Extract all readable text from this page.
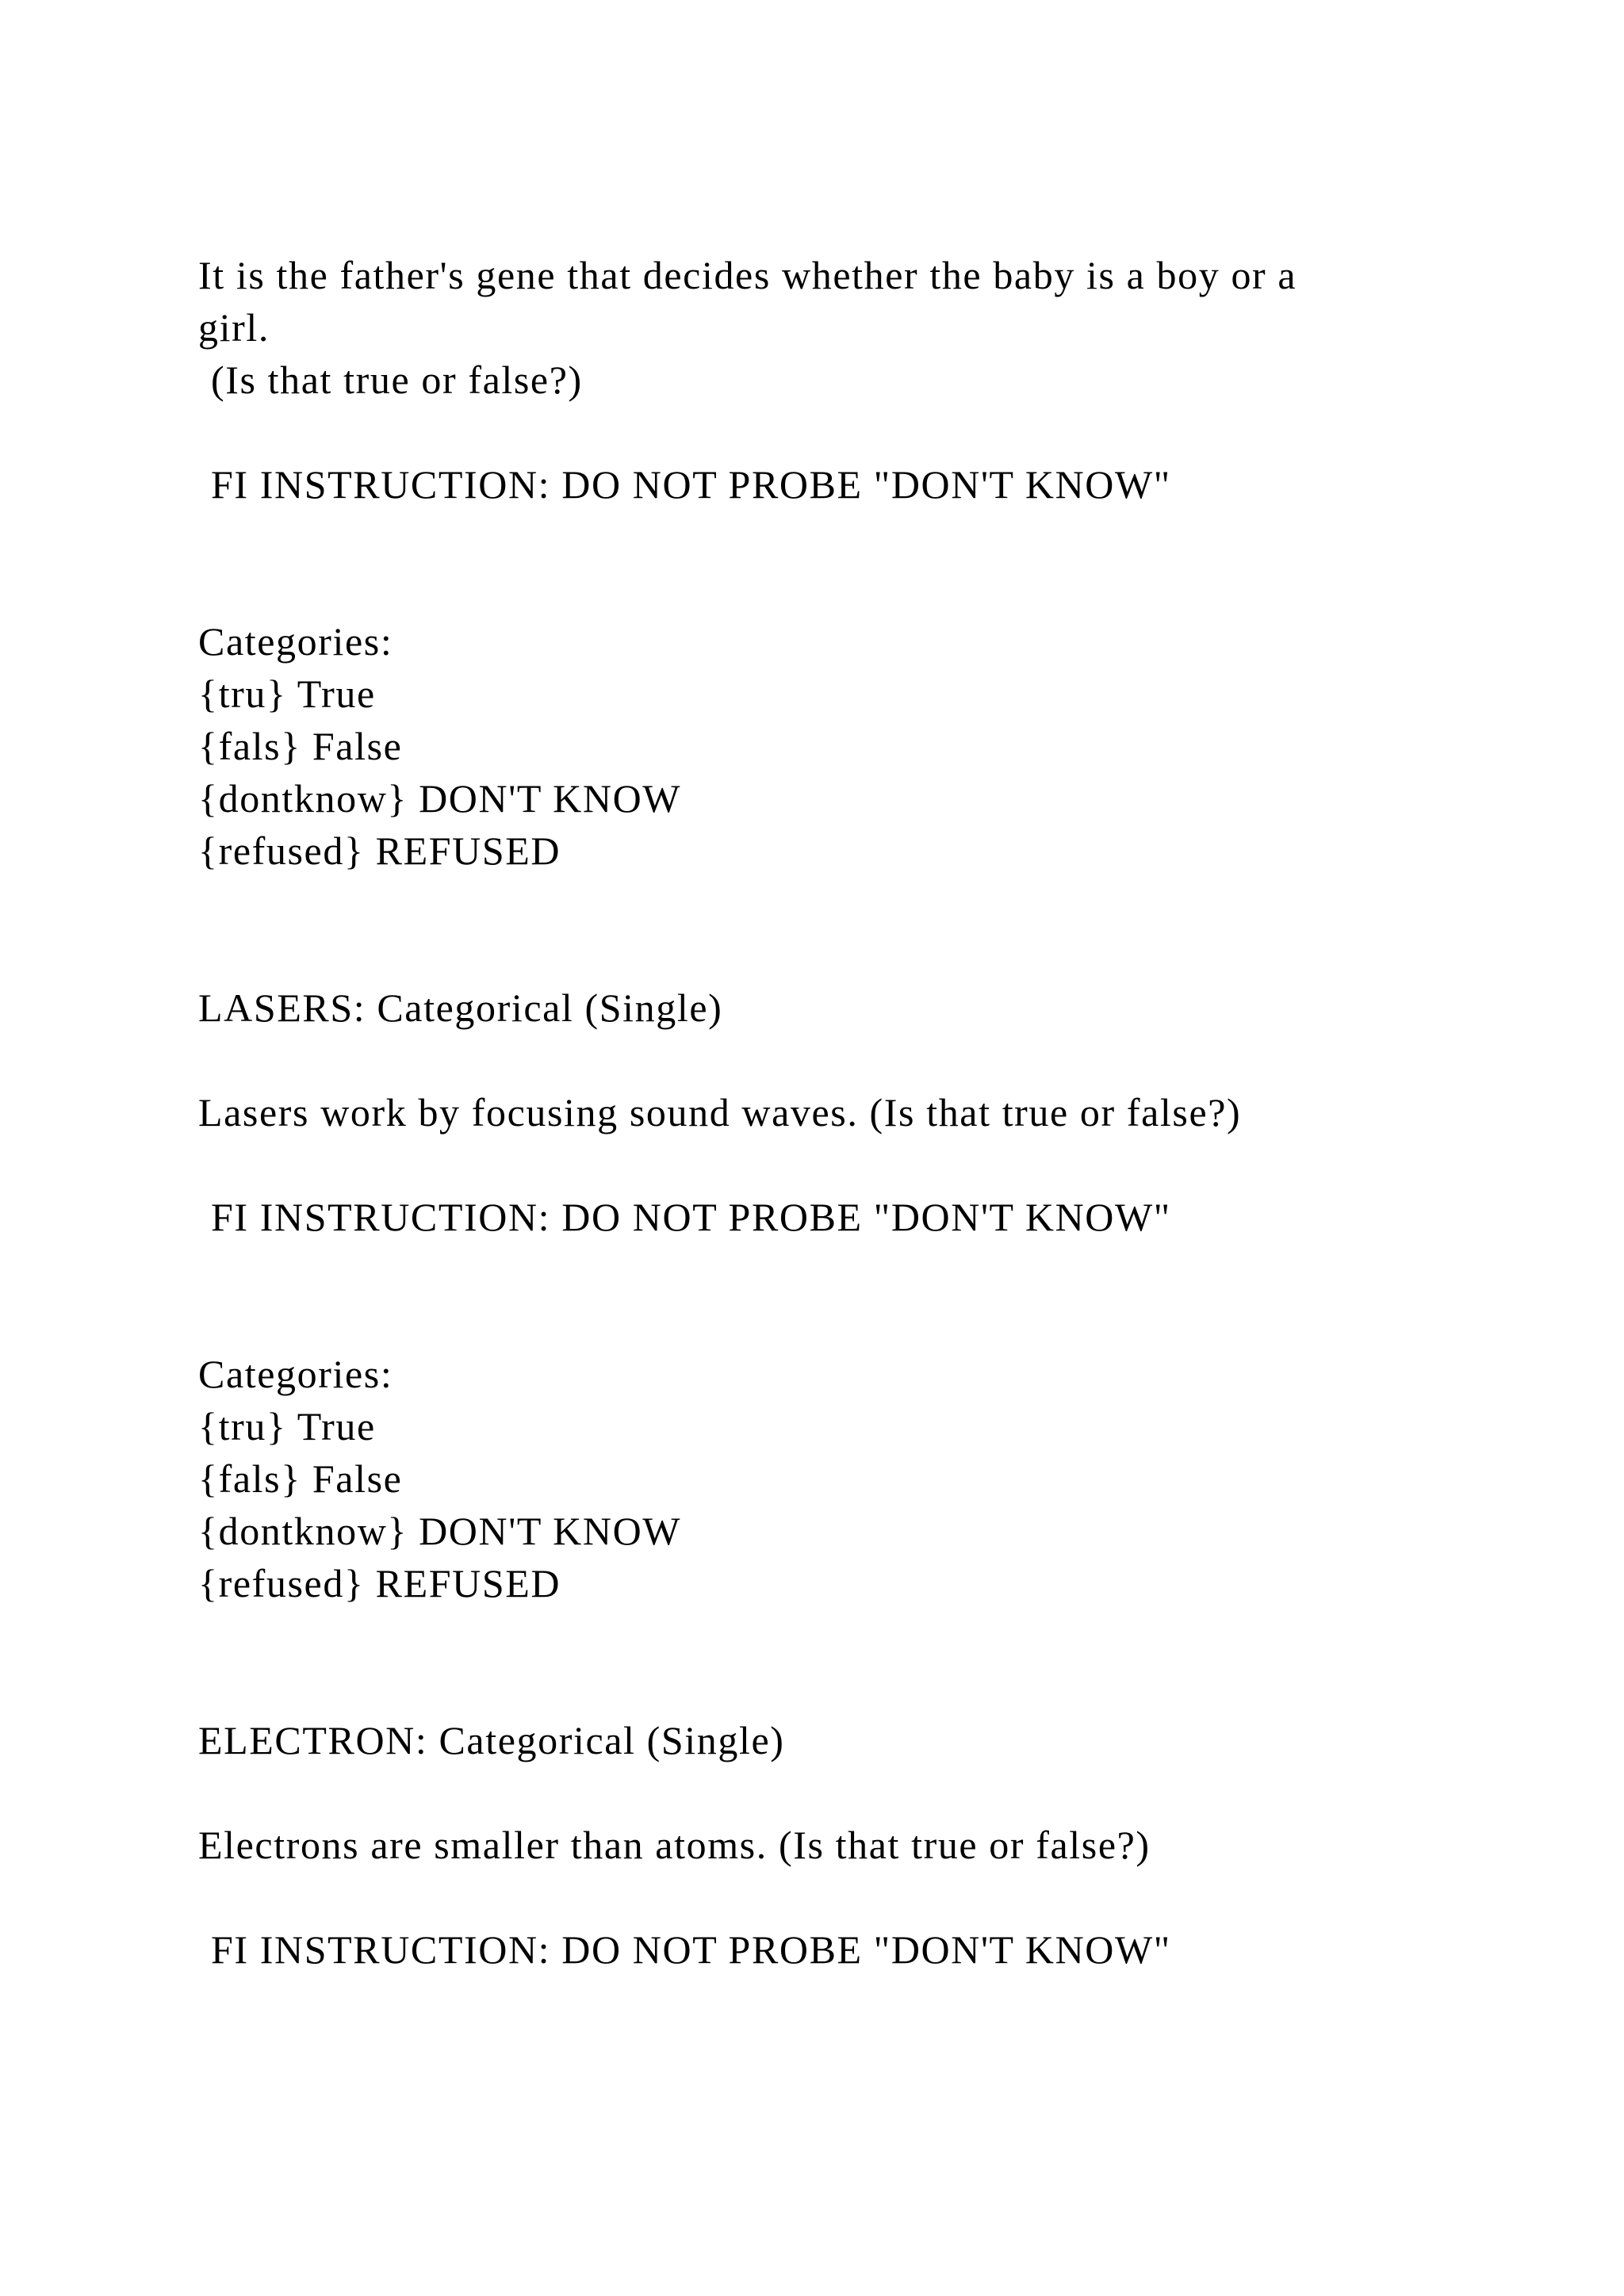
It is the father's gene that decides whether the baby is a boy or a
girl.
(Is that true or false?)
FI INSTRUCTION: DO NOT PROBE "DON'T KNOW"
Categories:
{tru} True
{fals} False
{dontknow} DON'T KNOW
{refused} REFUSED
LASERS: Categorical (Single)
Lasers work by focusing sound waves. (Is that true or false?)
FI INSTRUCTION: DO NOT PROBE "DON'T KNOW"
Categories:
{tru} True
{fals} False
{dontknow} DON'T KNOW
{refused} REFUSED
ELECTRON: Categorical (Single)
Electrons are smaller than atoms. (Is that true or false?)
FI INSTRUCTION: DO NOT PROBE "DON'T KNOW"
